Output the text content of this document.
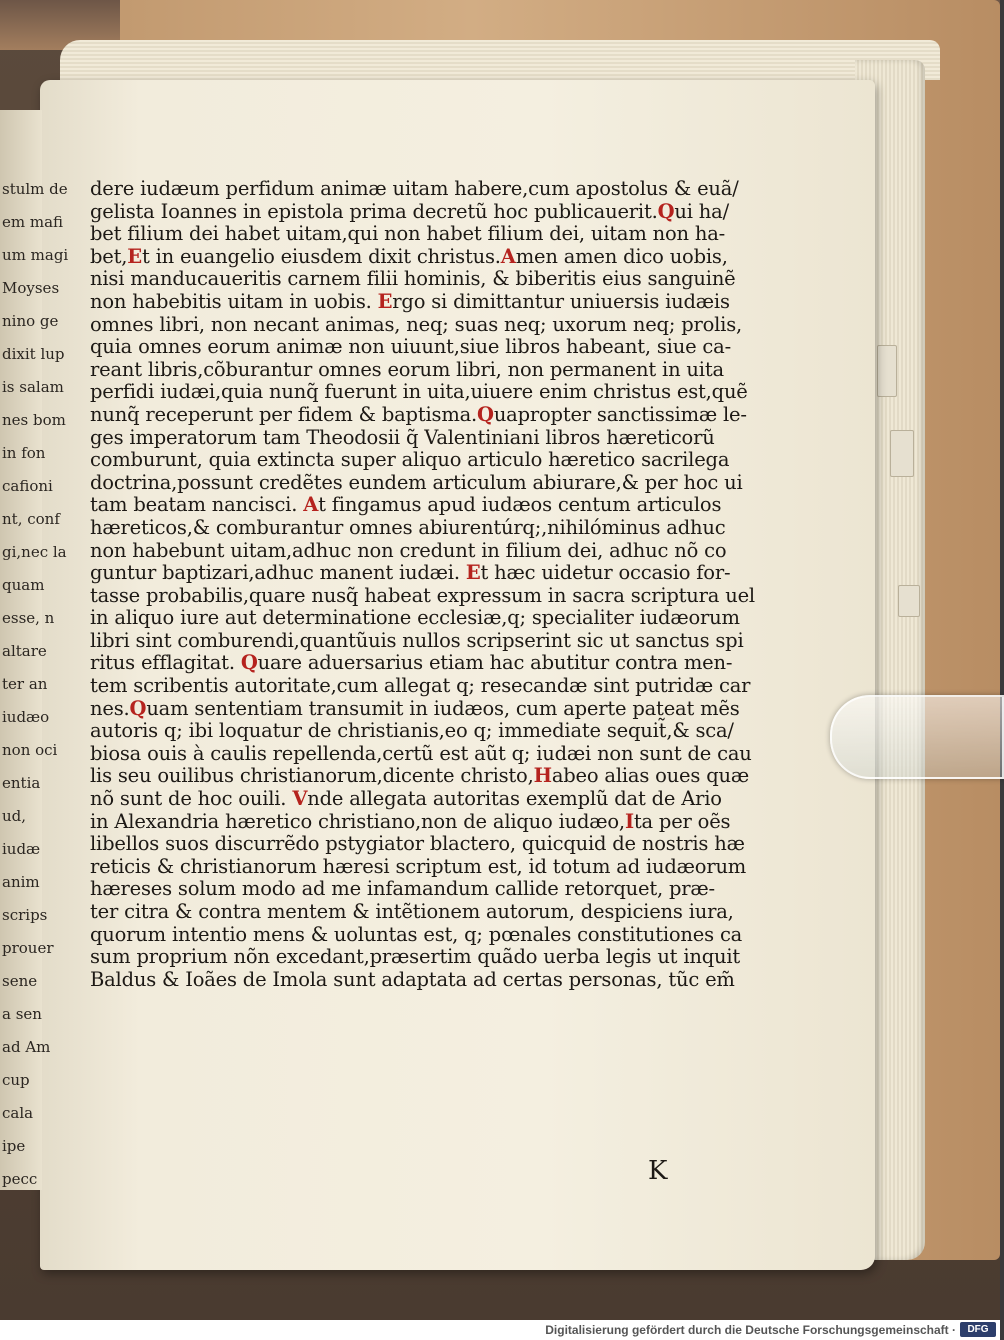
stulm de
em mafi
um magi
Moyses
nino ge
dixit lup
is salam
nes bom
in fon
cafioni
nt, conf
gi,nec la
quam
esse, n
altare
ter an
iudæo
non oci
entia
ud,
iudæ
anim
scrips
prouer
sene
a sen
ad Am
cup
cala
ipe
pecc
dere iudæum perfidum animæ uitam habere,cum apostolus & euã/
gelista Ioannes in epistola prima decretũ hoc publicauerit.Qui ha/
bet filium dei habet uitam,qui non habet filium dei, uitam non ha-
bet,Et in euangelio eiusdem dixit christus.Amen amen dico uobis,
nisi manducaueritis carnem filii hominis, & biberitis eius sanguinẽ
non habebitis uitam in uobis. Ergo si dimittantur uniuersis iudæis
omnes libri, non necant animas, neq; suas neq; uxorum neq; prolis,
quia omnes eorum animæ non uiuunt,siue libros habeant, siue ca-
reant libris,cõburantur omnes eorum libri, non permanent in uita
perfidi iudæi,quia nunq̃ fuerunt in uita,uiuere enim christus est,quẽ
nunq̃ receperunt per fidem & baptisma.Quapropter sanctissimæ le-
ges imperatorum tam Theodosii q̃ Valentiniani libros hæreticorũ
comburunt, quia extincta super aliquo articulo hæretico sacrilega
doctrina,possunt credẽtes eundem articulum abiurare,& per hoc ui
tam beatam nancisci. At fingamus apud iudæos centum articulos
hæreticos,& comburantur omnes abiurentúrq;,nihilóminus adhuc
non habebunt uitam,adhuc non credunt in filium dei, adhuc nõ co
guntur baptizari,adhuc manent iudæi. Et hæc uidetur occasio for-
tasse probabilis,quare nusq̃ habeat expressum in sacra scriptura uel
in aliquo iure aut determinatione ecclesiæ,q; specialiter iudæorum
libri sint comburendi,quantũuis nullos scripserint sic ut sanctus spi
ritus efflagitat. Quare aduersarius etiam hac abutitur contra men-
tem scribentis autoritate,cum allegat q; resecandæ sint putridæ car
nes.Quam sententiam transumit in iudæos, cum aperte pateat mẽs
autoris q; ibi loquatur de christianis,eo q; immediate sequit̃,& sca/
biosa ouis à caulis repellenda,certũ est aũt q; iudæi non sunt de cau
lis seu ouilibus christianorum,dicente christo,Habeo alias oues quæ
nõ sunt de hoc ouili. Vnde allegata autoritas exemplũ dat de Ario
in Alexandria hæretico christiano,non de aliquo iudæo,Ita per oẽs
libellos suos discurrẽdo pstygiator blactero, quicquid de nostris hæ
reticis & christianorum hæresi scriptum est, id totum ad iudæorum
hæreses solum modo ad me infamandum callide retorquet, præ-
ter citra & contra mentem & intẽtionem autorum, despiciens iura,
quorum intentio mens & uoluntas est, q; pœnales constitutiones ca
sum proprium nõn excedant,præsertim quãdo uerba legis ut inquit
Baldus & Ioães de Imola sunt adaptata ad certas personas, tũc em̃
K
Digitalisierung gefördert durch die Deutsche Forschungsgemeinschaft ·	DFG
